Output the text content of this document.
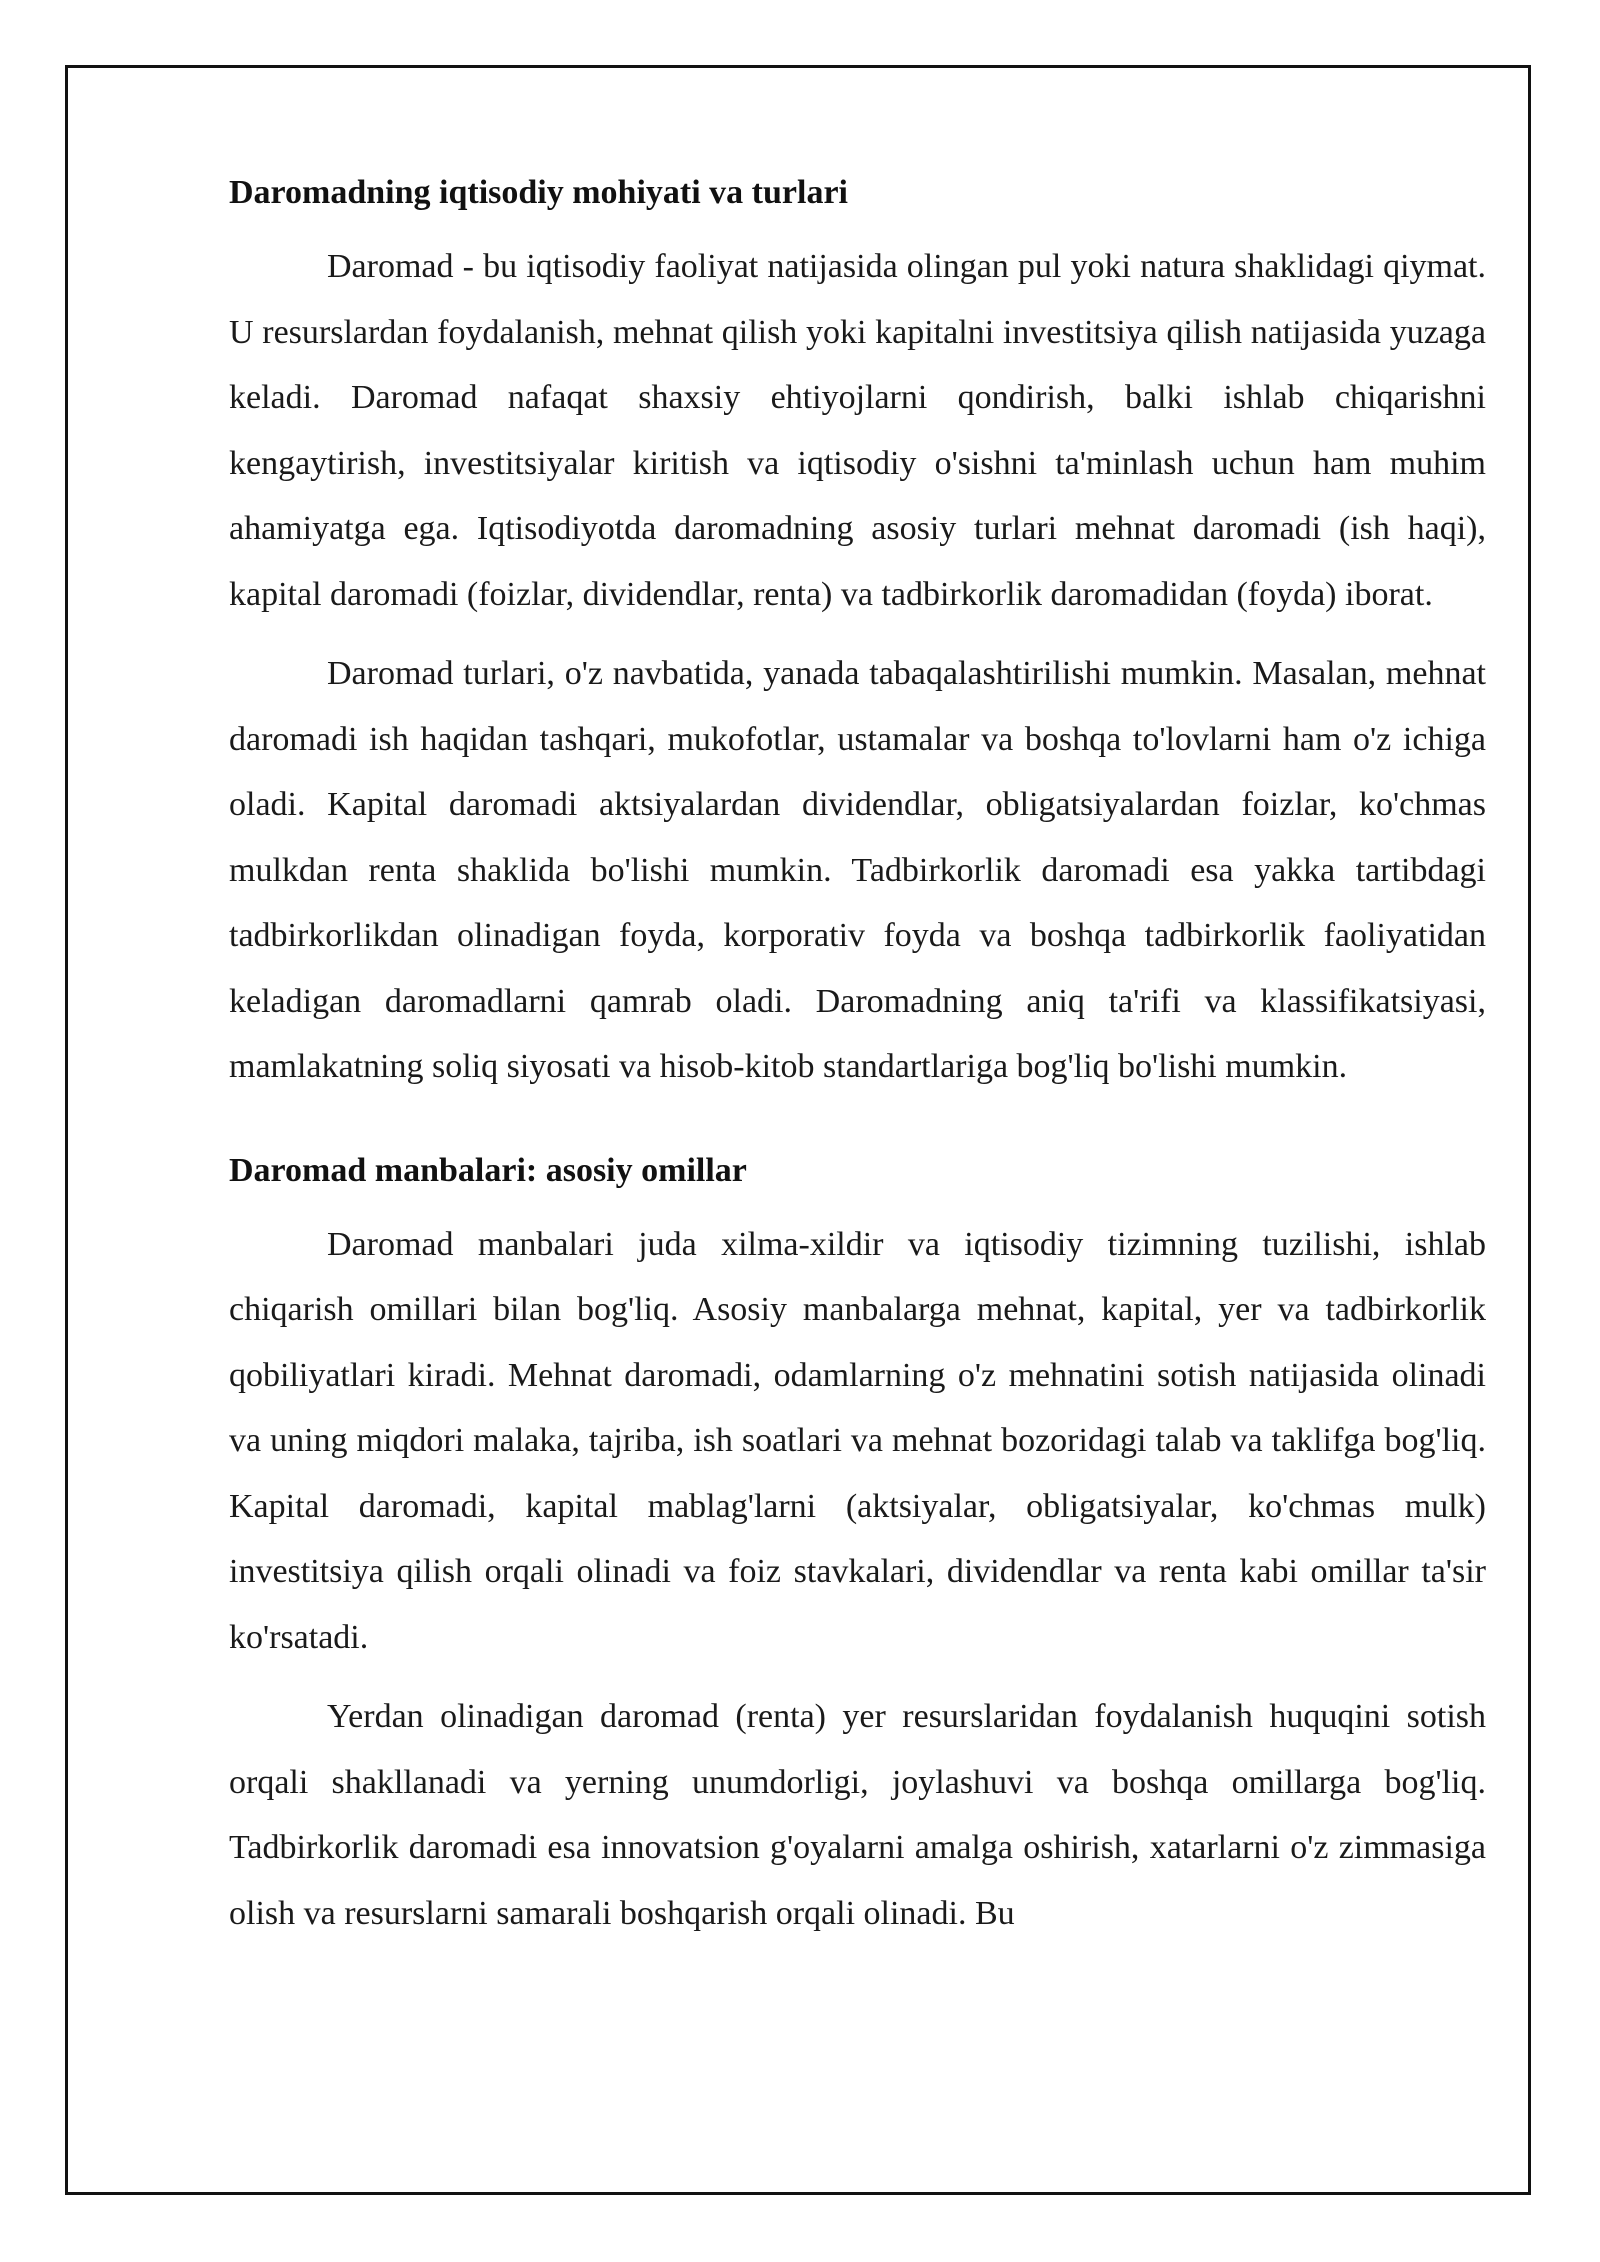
Daromadning iqtisodiy mohiyati va turlari

Daromad - bu iqtisodiy faoliyat natijasida olingan pul yoki natura shaklidagi qiymat. U resurslardan foydalanish, mehnat qilish yoki kapitalni investitsiya qilish natijasida yuzaga keladi. Daromad nafaqat shaxsiy ehtiyojlarni qondirish, balki ishlab chiqarishni kengaytirish, investitsiyalar kiritish va iqtisodiy o'sishni ta'minlash uchun ham muhim ahamiyatga ega. Iqtisodiyotda daromadning asosiy turlari mehnat daromadi (ish haqi), kapital daromadi (foizlar, dividendlar, renta) va tadbirkorlik daromadidan (foyda) iborat.

Daromad turlari, o'z navbatida, yanada tabaqalashtirilishi mumkin. Masalan, mehnat daromadi ish haqidan tashqari, mukofotlar, ustamalar va boshqa to'lovlarni ham o'z ichiga oladi. Kapital daromadi aktsiyalardan dividendlar, obligatsiyalardan foizlar, ko'chmas mulkdan renta shaklida bo'lishi mumkin. Tadbirkorlik daromadi esa yakka tartibdagi tadbirkorlikdan olinadigan foyda, korporativ foyda va boshqa tadbirkorlik faoliyatidan keladigan daromadlarni qamrab oladi. Daromadning aniq ta'rifi va klassifikatsiyasi, mamlakatning soliq siyosati va hisob-kitob standartlariga bog'liq bo'lishi mumkin.

Daromad manbalari: asosiy omillar

Daromad manbalari juda xilma-xildir va iqtisodiy tizimning tuzilishi, ishlab chiqarish omillari bilan bog'liq. Asosiy manbalarga mehnat, kapital, yer va tadbirkorlik qobiliyatlari kiradi. Mehnat daromadi, odamlarning o'z mehnatini sotish natijasida olinadi va uning miqdori malaka, tajriba, ish soatlari va mehnat bozoridagi talab va taklifga bog'liq. Kapital daromadi, kapital mablag'larni (aktsiyalar, obligatsiyalar, ko'chmas mulk) investitsiya qilish orqali olinadi va foiz stavkalari, dividendlar va renta kabi omillar ta'sir ko'rsatadi.

Yerdan olinadigan daromad (renta) yer resurslaridan foydalanish huquqini sotish orqali shakllanadi va yerning unumdorligi, joylashuvi va boshqa omillarga bog'liq. Tadbirkorlik daromadi esa innovatsion g'oyalarni amalga oshirish, xatarlarni o'z zimmasiga olish va resurslarni samarali boshqarish orqali olinadi. Bu
